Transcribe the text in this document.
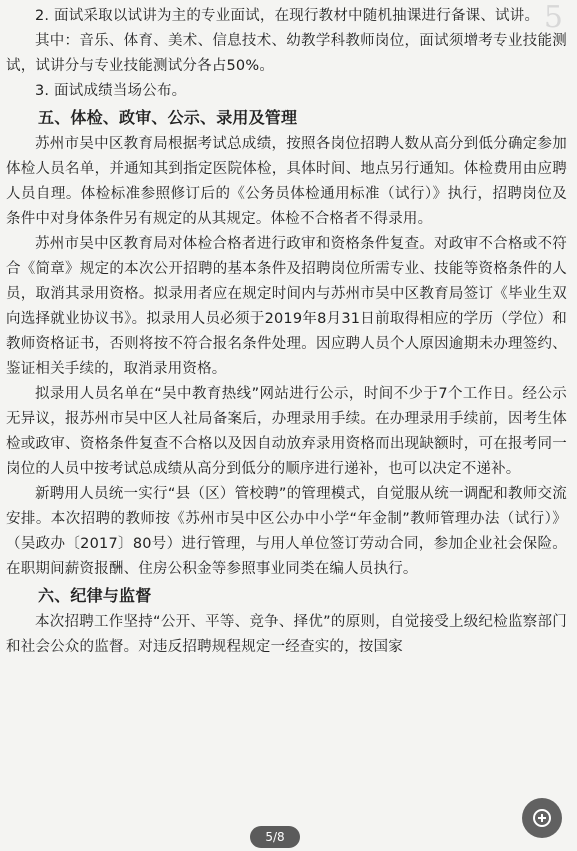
5

2. 面试采取以试讲为主的专业面试，在现行教材中随机抽课进行备课、试讲。

其中：音乐、体育、美术、信息技术、幼教学科教师岗位，面试须增考专业技能测试，试讲分与专业技能测试分各占50%。

3. 面试成绩当场公布。

五、体检、政审、公示、录用及管理

苏州市吴中区教育局根据考试总成绩，按照各岗位招聘人数从高分到低分确定参加体检人员名单，并通知其到指定医院体检，具体时间、地点另行通知。体检费用由应聘人员自理。体检标准参照修订后的《公务员体检通用标准（试行）》执行，招聘岗位及条件中对身体条件另有规定的从其规定。体检不合格者不得录用。

苏州市吴中区教育局对体检合格者进行政审和资格条件复查。对政审不合格或不符合《简章》规定的本次公开招聘的基本条件及招聘岗位所需专业、技能等资格条件的人员，取消其录用资格。拟录用者应在规定时间内与苏州市吴中区教育局签订《毕业生双向选择就业协议书》。拟录用人员必须于2019年8月31日前取得相应的学历（学位）和教师资格证书，否则将按不符合报名条件处理。因应聘人员个人原因逾期未办理签约、鉴证相关手续的，取消录用资格。

拟录用人员名单在“吴中教育热线”网站进行公示，时间不少于7个工作日。经公示无异议，报苏州市吴中区人社局备案后，办理录用手续。在办理录用手续前，因考生体检或政审、资格条件复查不合格以及因自动放弃录用资格而出现缺额时，可在报考同一岗位的人员中按考试总成绩从高分到低分的顺序进行递补，也可以决定不递补。

新聘用人员统一实行“县（区）管校聘”的管理模式，自觉服从统一调配和教师交流安排。本次招聘的教师按《苏州市吴中区公办中小学“年金制”教师管理办法（试行）》（吴政办〔2017〕80号）进行管理，与用人单位签订劳动合同，参加企业社会保险。在职期间薪资报酬、住房公积金等参照事业同类在编人员执行。

六、纪律与监督

本次招聘工作坚持“公开、平等、竞争、择优”的原则，自觉接受上级纪检监察部门和社会公众的监督。对违反招聘规程规定一经查实的，按国家

5/8
